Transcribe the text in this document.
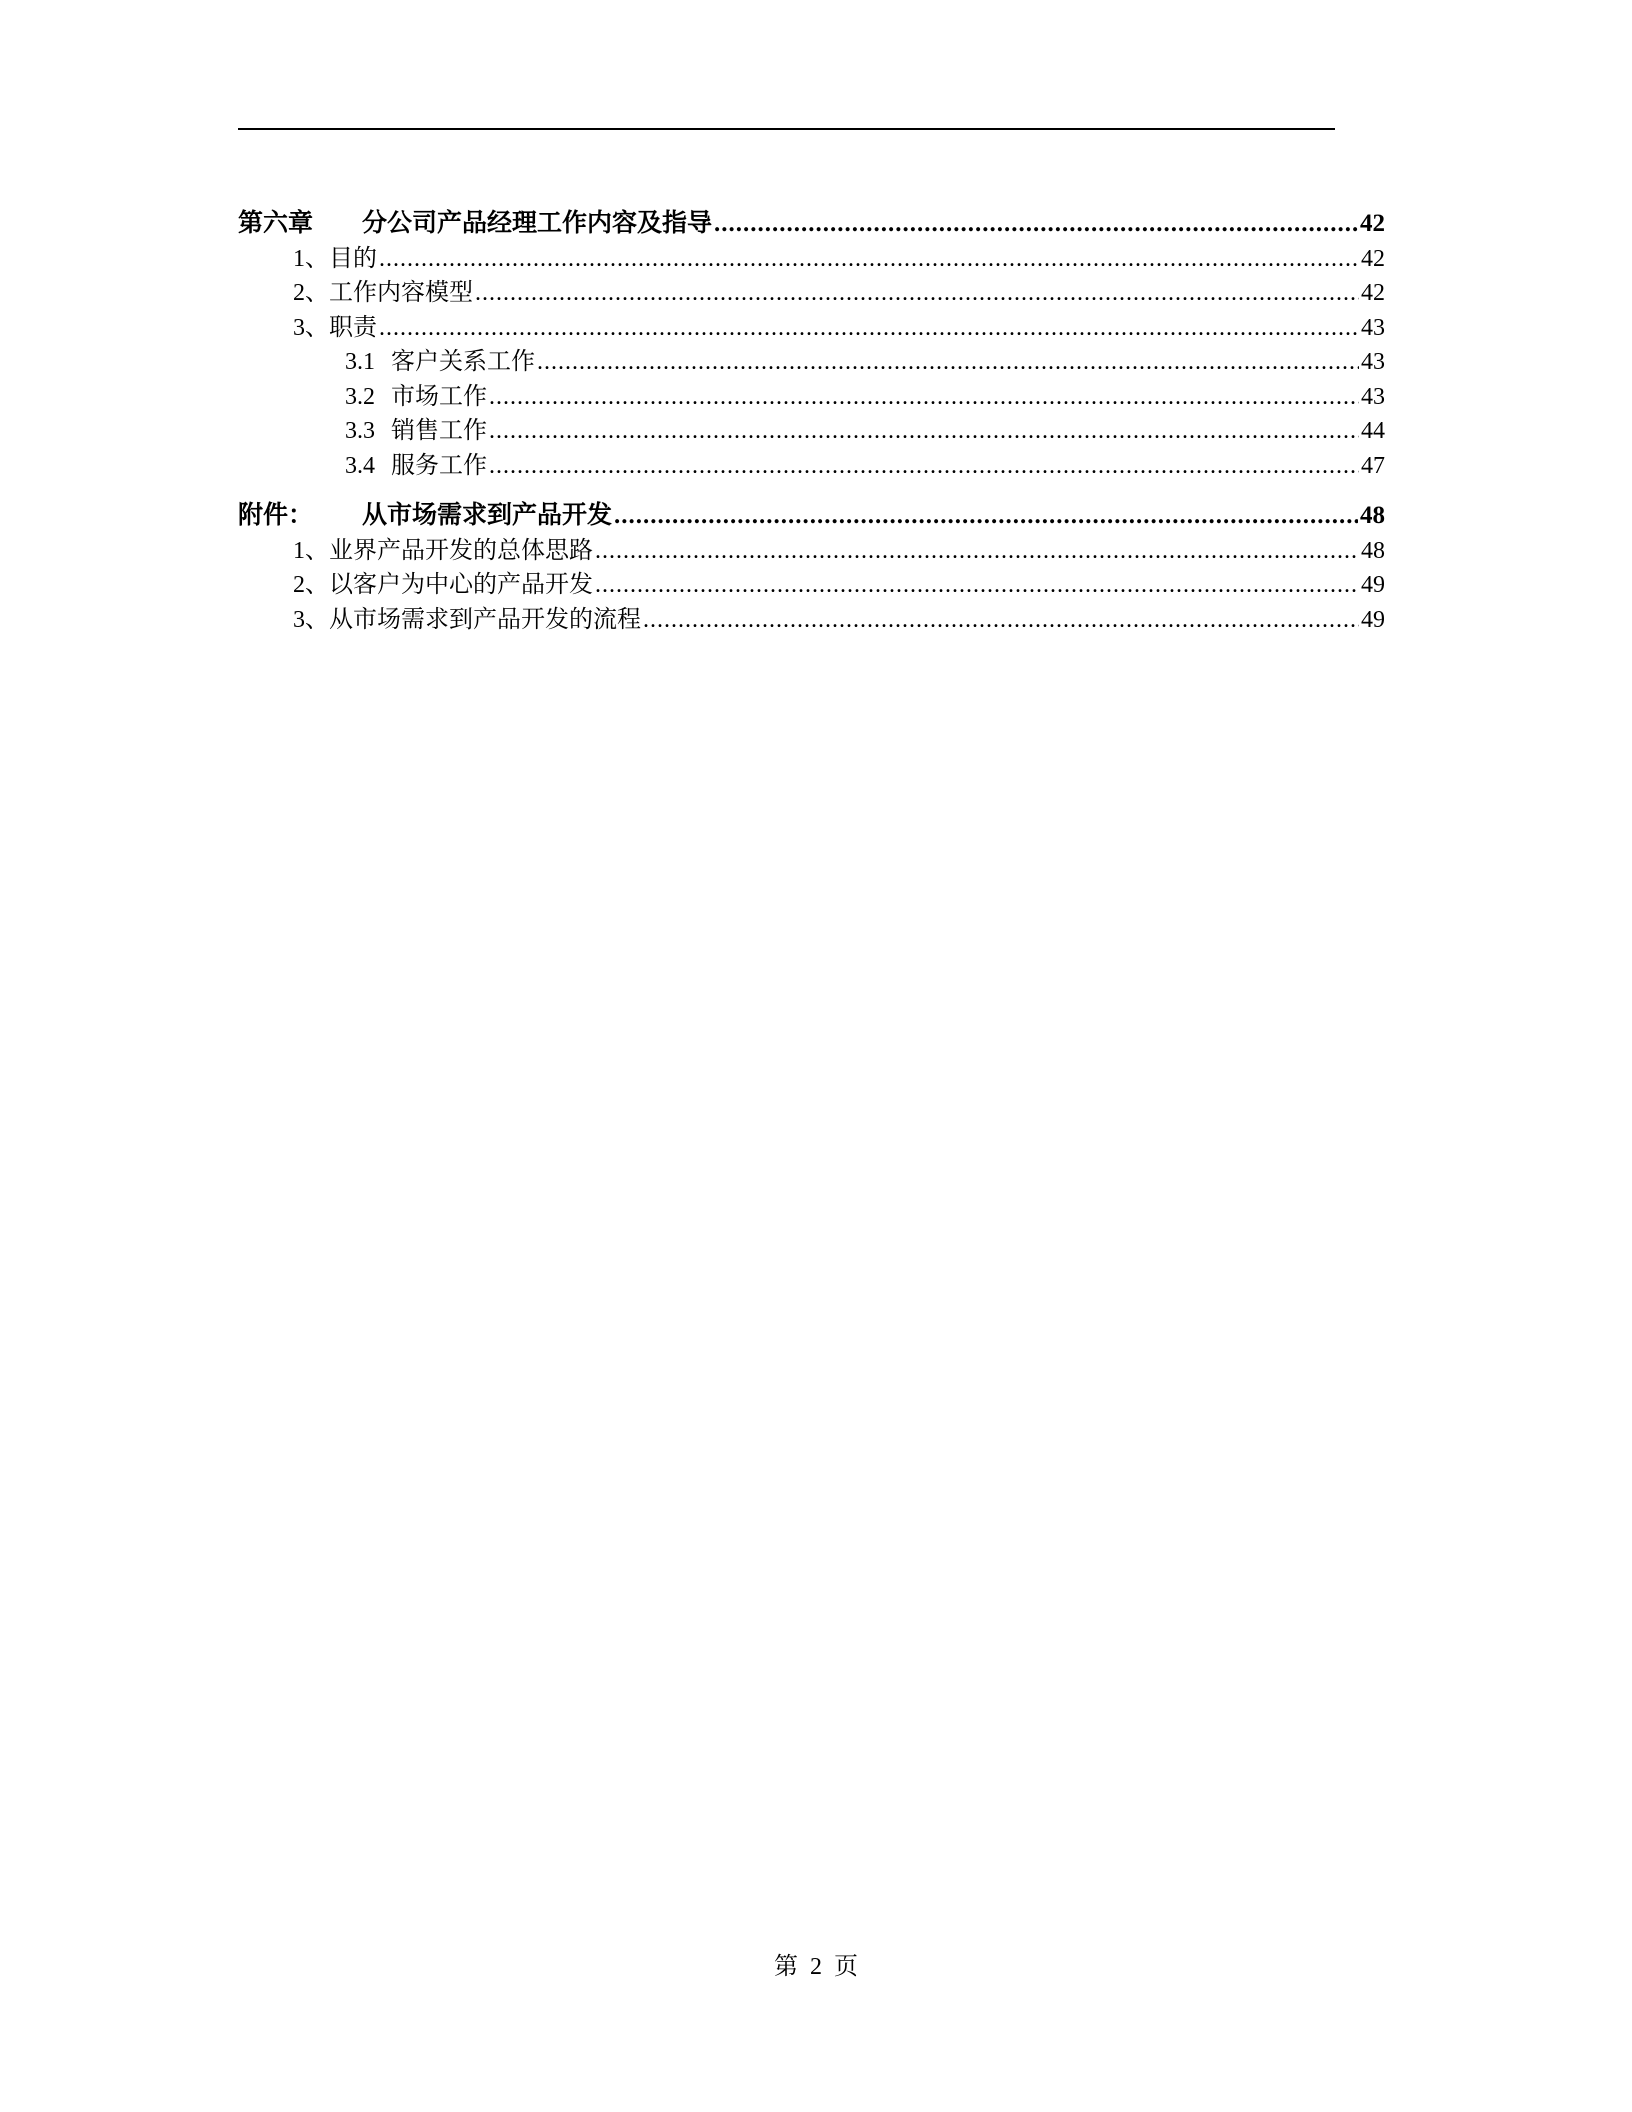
第六章	分公司产品经理工作内容及指导 .....	42
1、 目的 .....	42
2、 工作内容模型 .....	42
3、 职责 .....	43
3.1 客户关系工作 .....	43
3.2 市场工作 .....	43
3.3 销售工作 .....	44
3.4 服务工作 .....	47
附件：	从市场需求到产品开发 .....	48
1、 业界产品开发的总体思路 .....	48
2、 以客户为中心的产品开发 .....	49
3、 从市场需求到产品开发的流程 .....	49
第 2 页
